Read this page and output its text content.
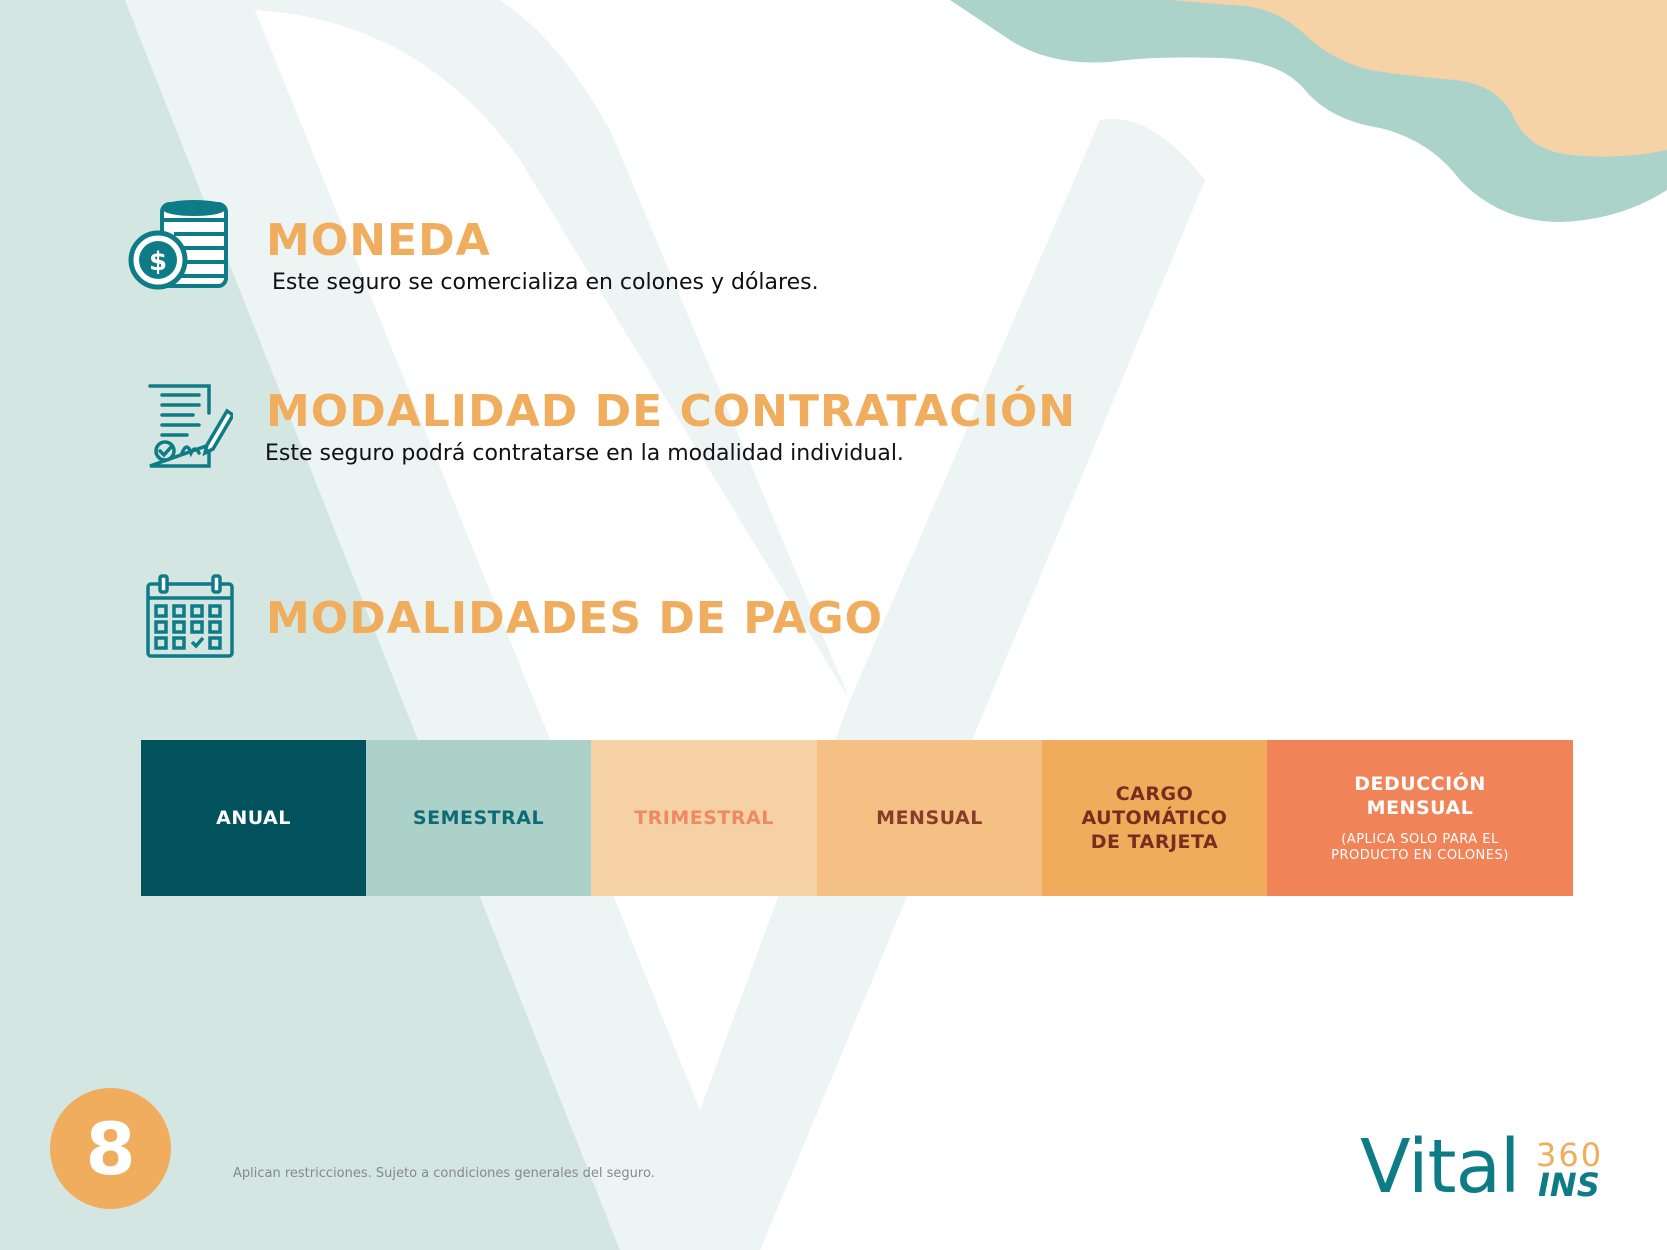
$ MONEDA
Este seguro se comercializa en colones y dólares.
MODALIDAD DE CONTRATACIÓN
Este seguro podrá contratarse en la modalidad individual.
MODALIDADES DE PAGO
ANUAL	SEMESTRAL	TRIMESTRAL	MENSUAL
CARGO AUTOMÁTICO DE TARJETA
DEDUCCIÓN MENSUAL
(APLICA SOLO PARA EL PRODUCTO EN COLONES)
8	Aplican restricciones. Sujeto a condiciones generales del seguro.	Vital 360
INS
